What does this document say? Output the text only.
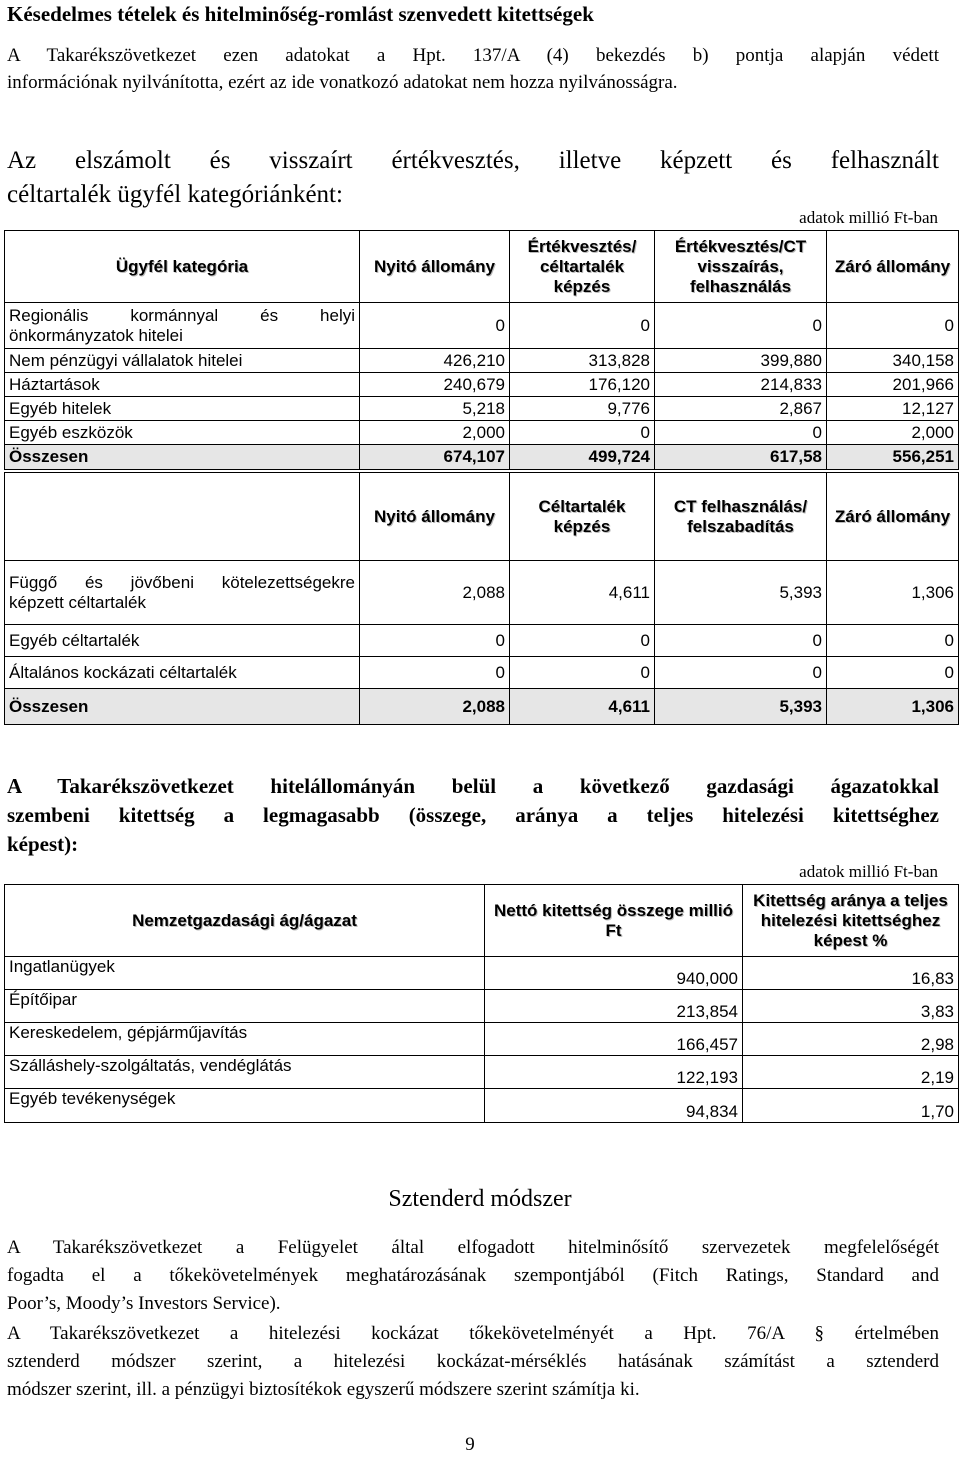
Késedelmes tételek és hitelminőség-romlást szenvedett kitettségek
A Takarékszövetkezet ezen adatokat a Hpt. 137/A (4) bekezdés b) pontja alapján védett
információnak nyilvánította, ezért az ide vonatkozó adatokat nem hozza nyilvánosságra.
Az elszámolt és visszaírt értékvesztés, illetve képzett és felhasznált
céltartalék ügyfél kategóriánként:
adatok millió Ft-ban
Ügyfél kategória	Nyitó állomány	Értékvesztés/ céltartalék képzés	Értékvesztés/CT visszaírás, felhasználás	Záró állomány

Regionális kormánnyal és helyi
önkormányzatok hitelei	0	0	0	0
Nem pénzügyi vállalatok hitelei	426,210	313,828	399,880	340,158
Háztartások	240,679	176,120	214,833	201,966
Egyéb hitelek	5,218	9,776	2,867	12,127
Egyéb eszközök	2,000	0	0	2,000
Összesen	674,107	499,724	617,58	556,251
	Nyitó állomány	Céltartalék képzés	CT felhasználás/ felszabadítás	Záró állomány

Függő és jövőbeni kötelezettségekre
képzett céltartalék	2,088	4,611	5,393	1,306
Egyéb céltartalék	0	0	0	0
Általános kockázati céltartalék	0	0	0	0
Összesen	2,088	4,611	5,393	1,306
A Takarékszövetkezet hitelállományán belül a következő gazdasági ágazatokkal
szembeni kitettség a legmagasabb (összege, aránya a teljes hitelezési kitettséghez
képest):
adatok millió Ft-ban
Nemzetgazdasági ág/ágazat	Nettó kitettség összege millió Ft	Kitettség aránya a teljes hitelezési kitettséghez képest %
Ingatlanügyek	940,000	16,83
Építőipar	213,854	3,83
Kereskedelem, gépjárműjavítás	166,457	2,98
Szálláshely-szolgáltatás, vendéglátás	122,193	2,19
Egyéb tevékenységek	94,834	1,70
Sztenderd módszer
A Takarékszövetkezet a Felügyelet által elfogadott hitelminősítő szervezetek megfelelőségét
fogadta el a tőkekövetelmények meghatározásának szempontjából (Fitch Ratings, Standard and
Poor’s, Moody’s Investors Service).
A Takarékszövetkezet a hitelezési kockázat tőkekövetelményét a Hpt. 76/A § értelmében
sztenderd módszer szerint, a hitelezési kockázat-mérséklés hatásának számítást a sztenderd
módszer szerint, ill. a pénzügyi biztosítékok egyszerű módszere szerint számítja ki.
9
